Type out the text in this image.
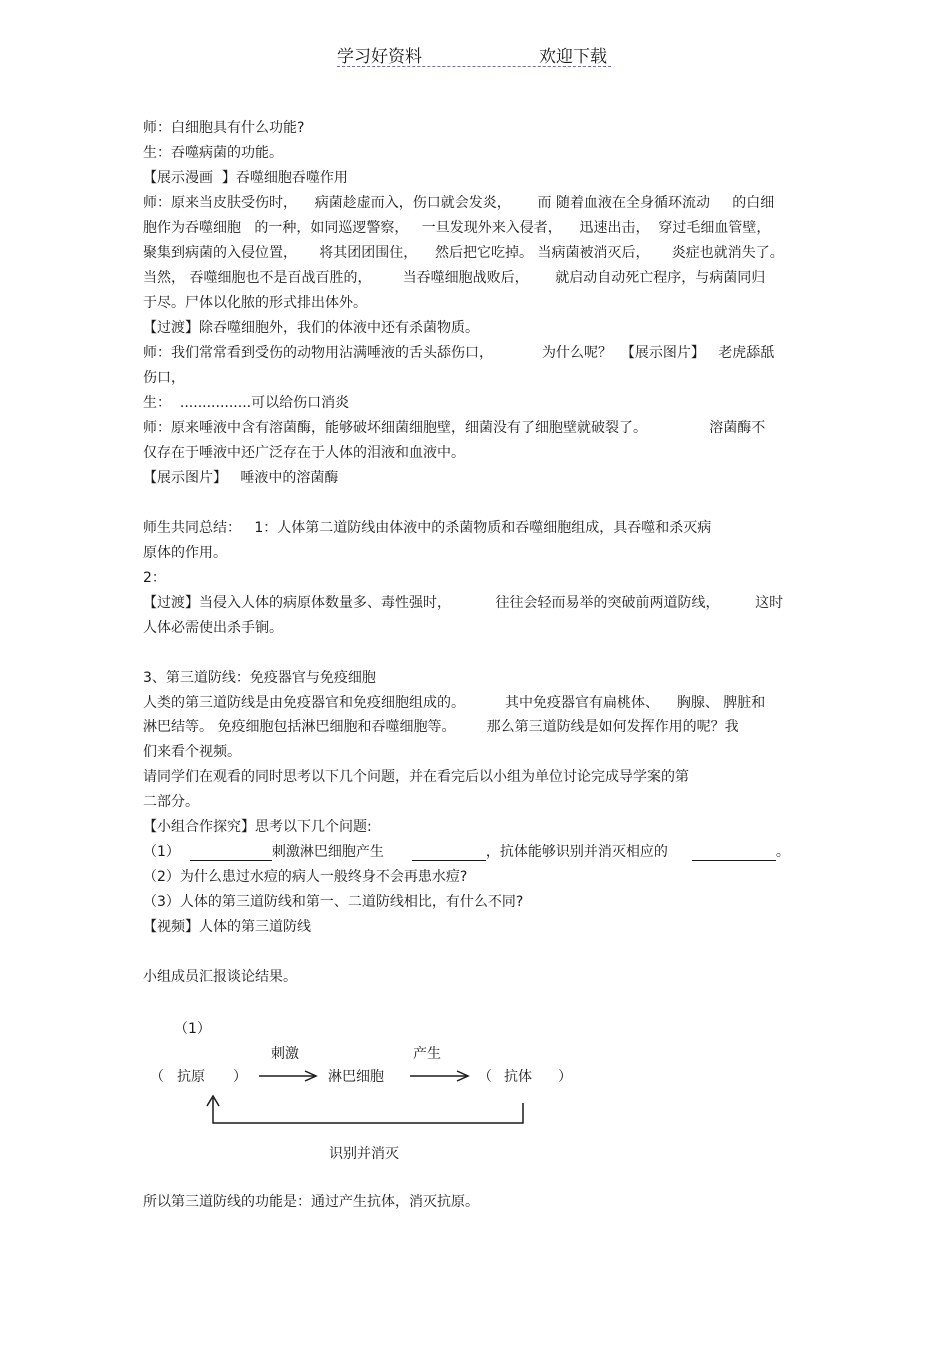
学习好资料	欢迎下载
师：白细胞具有什么功能?
生：吞噬病菌的功能。
【展示漫画  】吞噬细胞吞噬作用
师：原来当皮肤受伤时，    病菌趁虚而入，伤口就会发炎，      而 随着血液在全身循环流动     的白细
胞作为吞噬细胞   的一种，如同巡逻警察，   一旦发现外来入侵者，    迅速出击，  穿过毛细血管壁，
聚集到病菌的入侵位置，     将其团团围住，    然后把它吃掉。 当病菌被消灭后，     炎症也就消失了。
当然， 吞噬细胞也不是百战百胜的，       当吞噬细胞战败后，      就启动自动死亡程序，与病菌同归
于尽。尸体以化脓的形式排出体外。
【过渡】除吞噬细胞外，我们的体液中还有杀菌物质。
师：我们常常看到受伤的动物用沾满唾液的舌头舔伤口，           为什么呢？  【展示图片】   老虎舔舐
伤口，
生：  ................可以给伤口消炎
师：原来唾液中含有溶菌酶，能够破坏细菌细胞壁，细菌没有了细胞壁就破裂了。              溶菌酶不
仅存在于唾液中还广泛存在于人体的泪液和血液中。
【展示图片】   唾液中的溶菌酶
师生共同总结：   1：人体第二道防线由体液中的杀菌物质和吞噬细胞组成，具吞噬和杀灭病
原体的作用。
2：
【过渡】当侵入人体的病原体数量多、毒性强时，          往往会轻而易举的突破前两道防线，        这时
人体必需使出杀手锏。
3、第三道防线：免疫器官与免疫细胞
人类的第三道防线是由免疫器官和免疫细胞组成的。         其中免疫器官有扁桃体、    胸腺、 脾脏和
淋巴结等。 免疫细胞包括淋巴细胞和吞噬细胞等。       那么第三道防线是如何发挥作用的呢？我
们来看个视频。
请同学们在观看的同时思考以下几个问题，并在看完后以小组为单位讨论完成导学案的第
二部分。
【小组合作探究】思考以下几个问题:
（1）	刺激淋巴细胞产生	，抗体能够识别并消灭相应的	。
（2）为什么患过水痘的病人一般终身不会再患水痘?
（3）人体的第三道防线和第一、二道防线相比，有什么不同?
【视频】人体的第三道防线
小组成员汇报谈论结果。
（1）
刺激	产生
（ 抗原 ）	淋巴细胞	（ 抗体 ）
识别并消灭
所以第三道防线的功能是：通过产生抗体，消灭抗原。
